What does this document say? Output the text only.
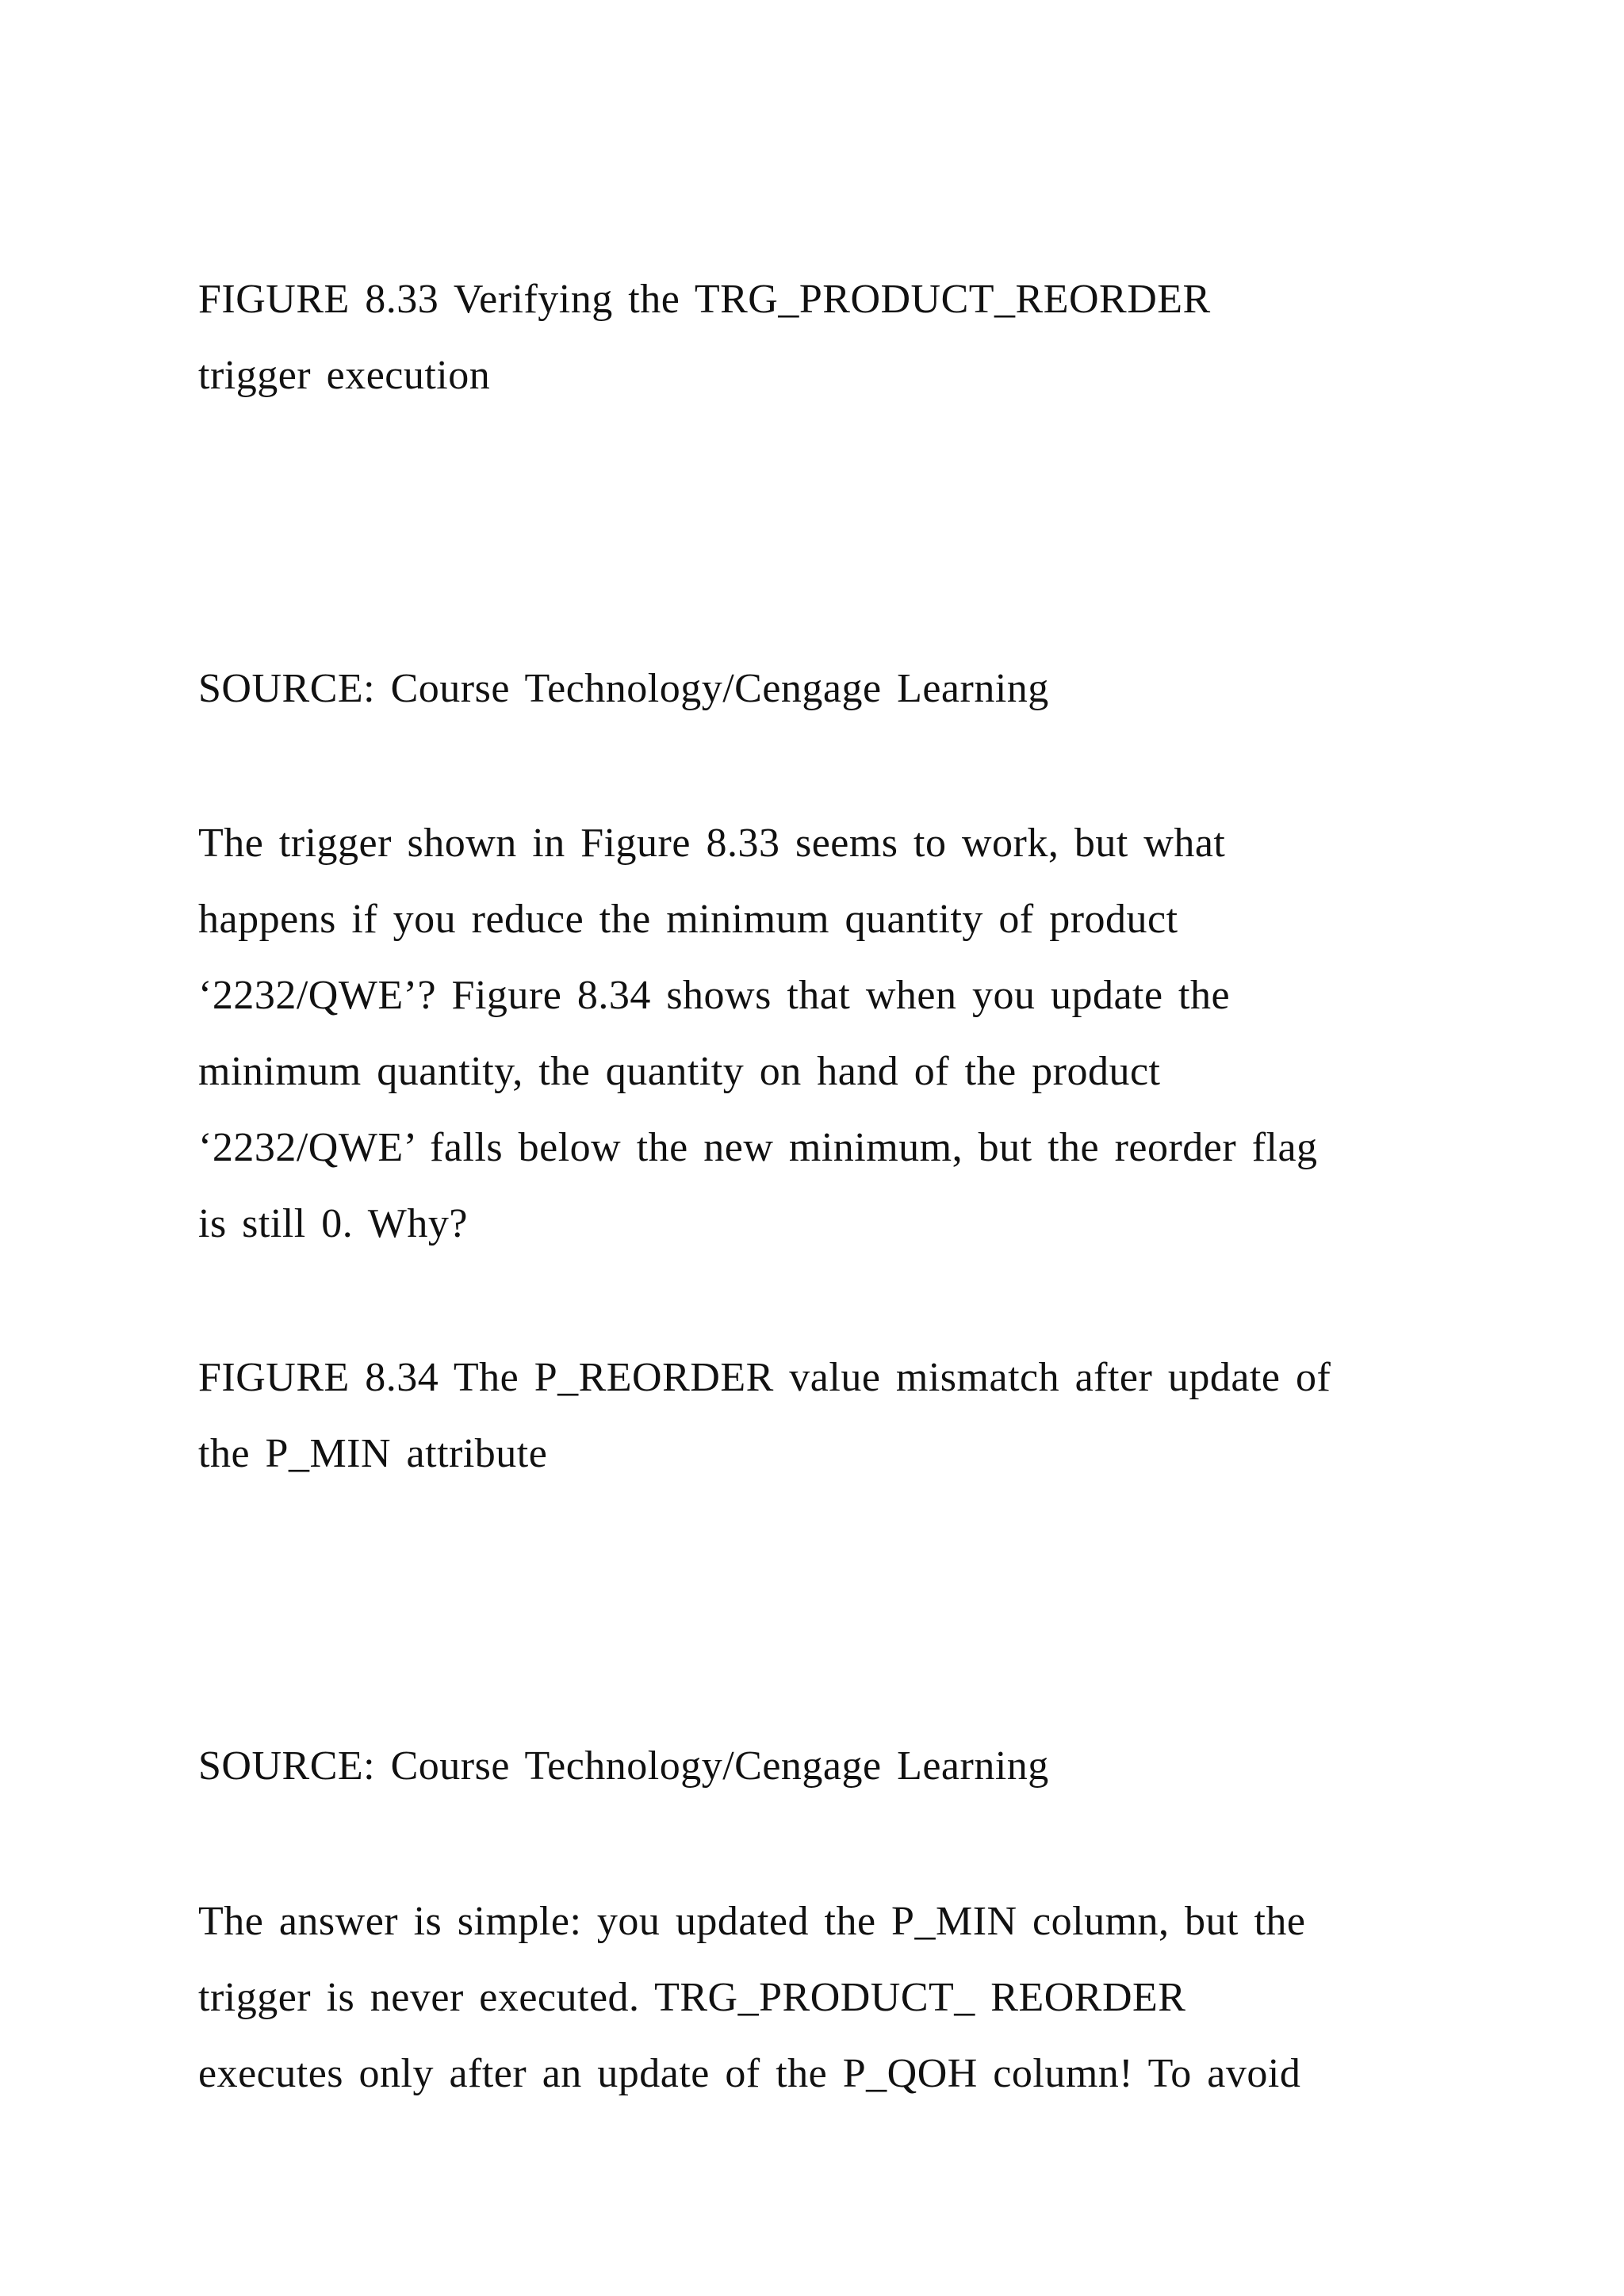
FIGURE 8.33 Verifying the TRG_PRODUCT_REORDER
trigger execution
SOURCE: Course Technology/Cengage Learning
The trigger shown in Figure 8.33 seems to work, but what
happens if you reduce the minimum quantity of product
‘2232/QWE’? Figure 8.34 shows that when you update the
minimum quantity, the quantity on hand of the product
‘2232/QWE’ falls below the new minimum, but the reorder flag
is still 0. Why?
FIGURE 8.34 The P_REORDER value mismatch after update of
the P_MIN attribute
SOURCE: Course Technology/Cengage Learning
The answer is simple: you updated the P_MIN column, but the
trigger is never executed. TRG_PRODUCT_ REORDER
executes only after an update of the P_QOH column! To avoid
